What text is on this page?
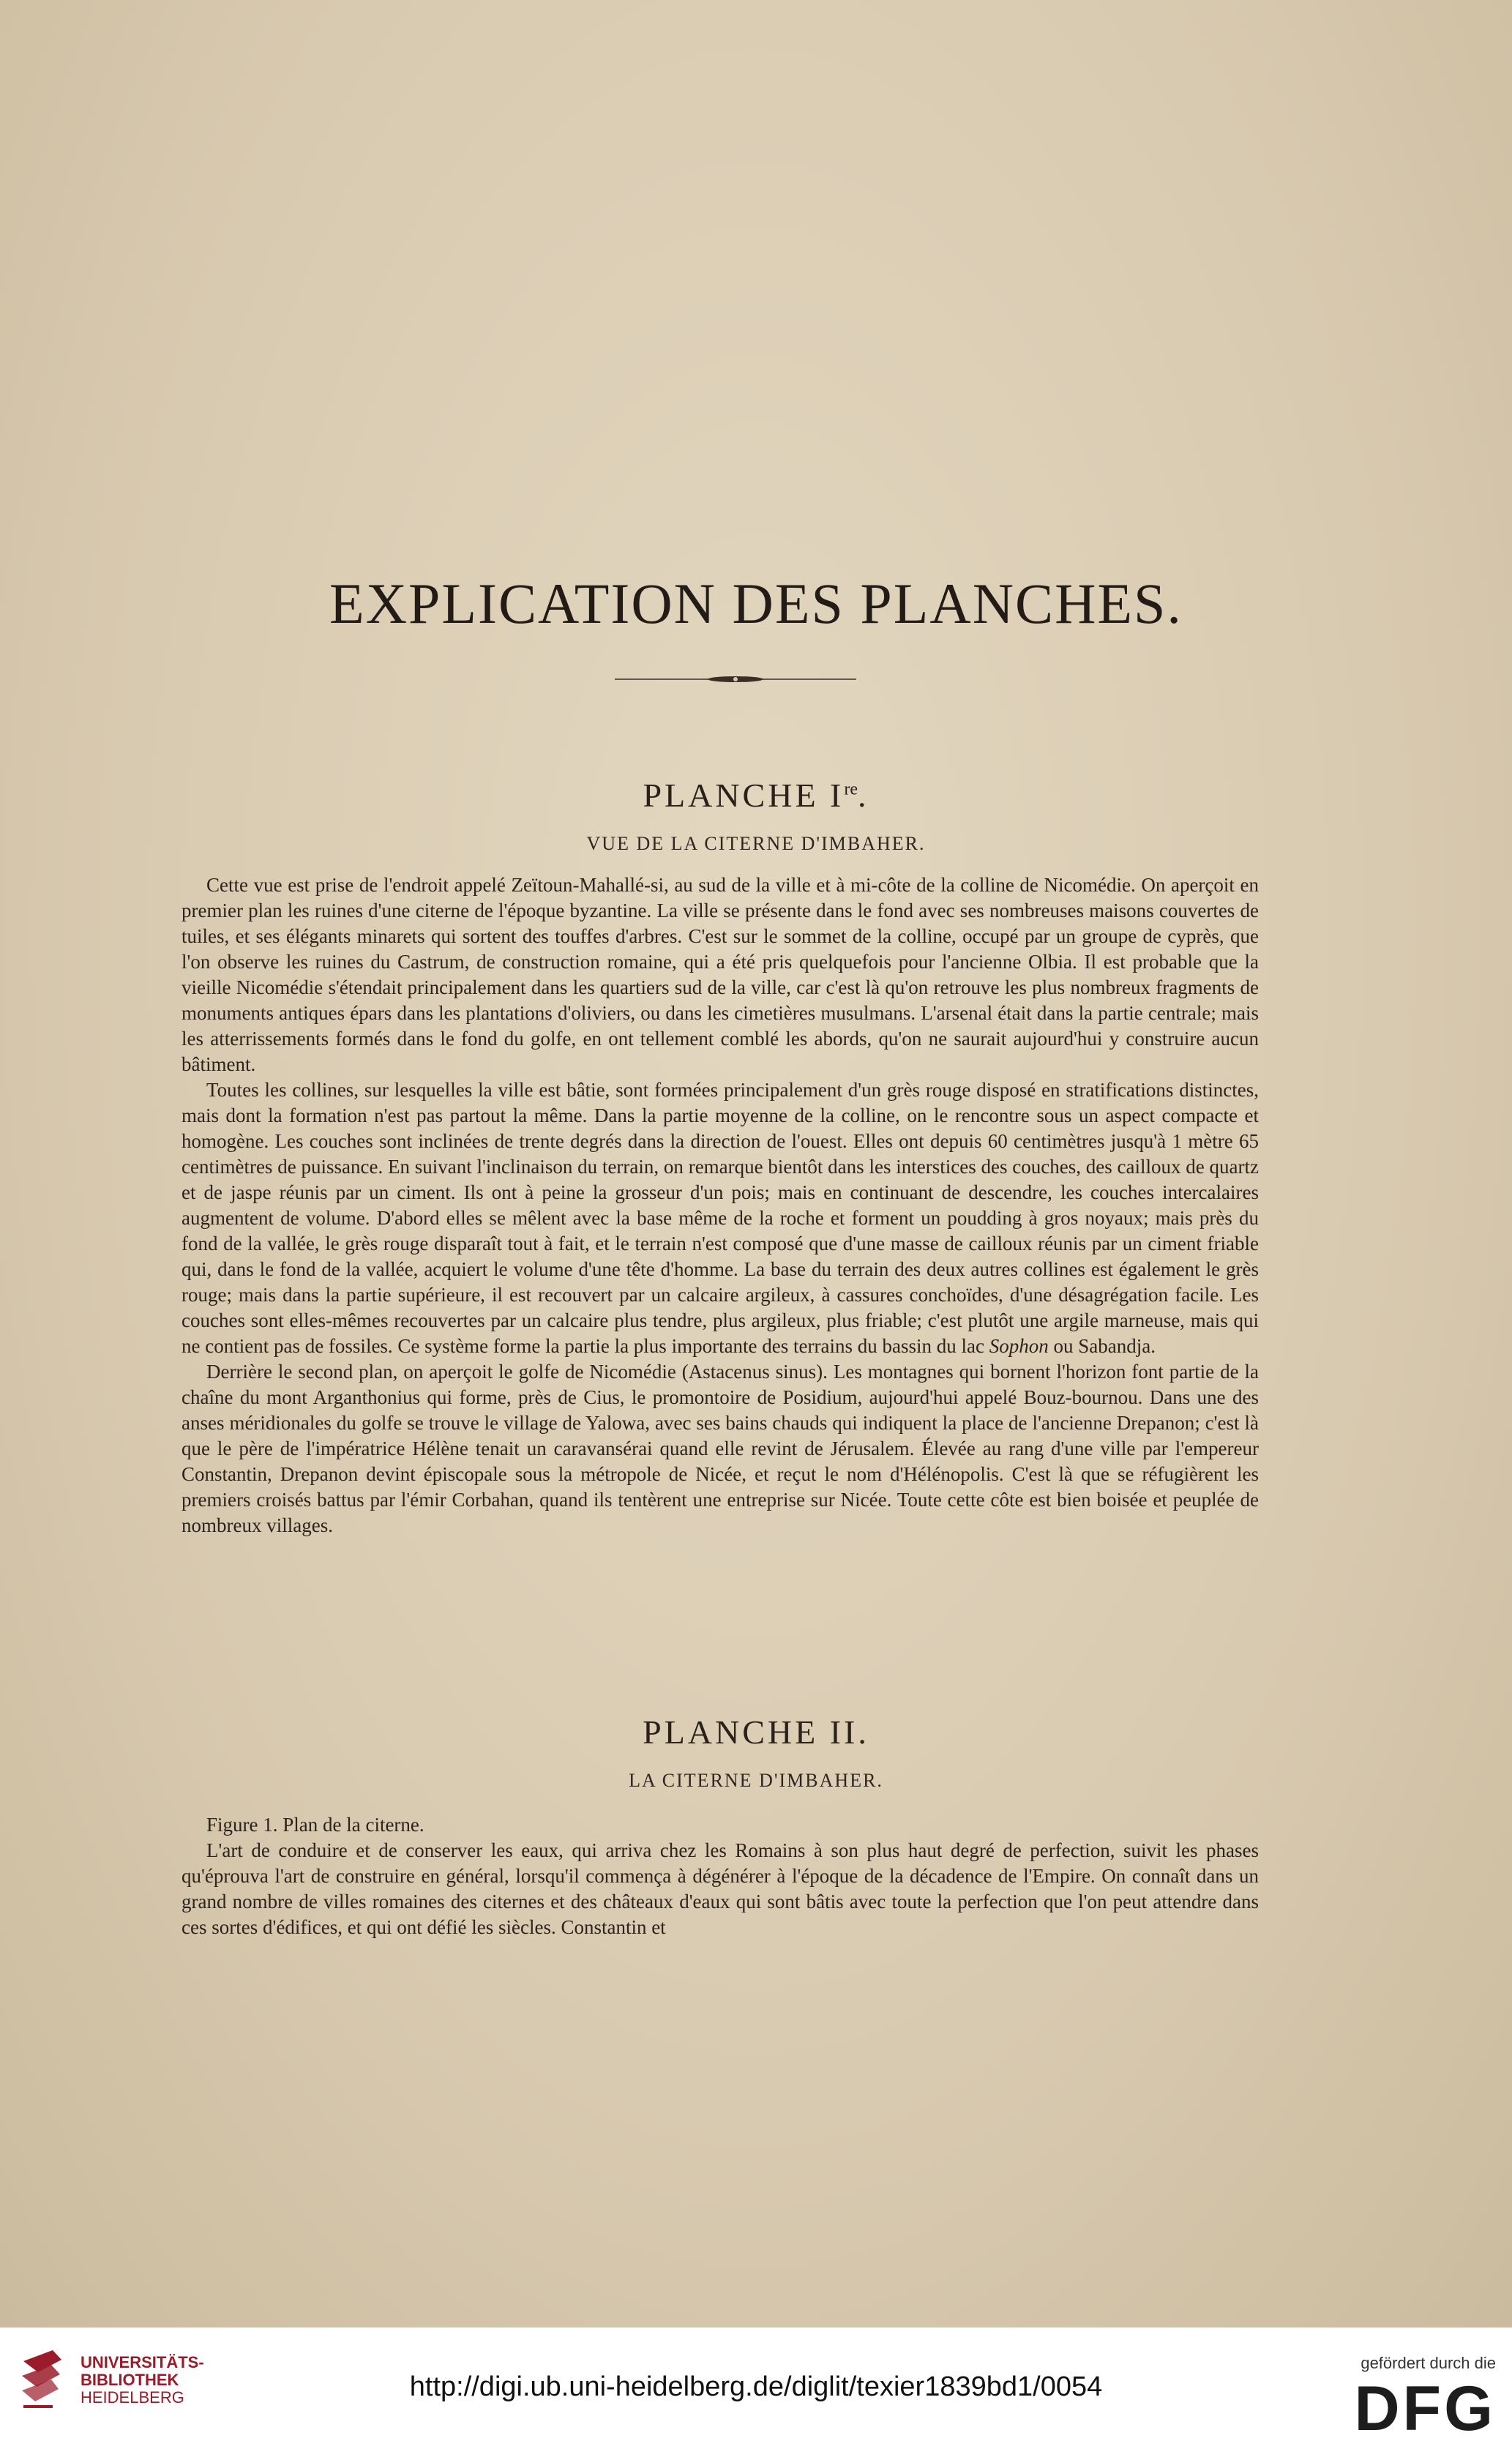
EXPLICATION DES PLANCHES.
PLANCHE Ire.
VUE DE LA CITERNE D'IMBAHER.

Cette vue est prise de l'endroit appelé Zeïtoun-Mahallé-si, au sud de la ville et à mi-côte de la colline de Nicomédie. On aperçoit en premier plan les ruines d'une citerne de l'époque byzantine. La ville se présente dans le fond avec ses nombreuses maisons couvertes de tuiles, et ses élégants minarets qui sortent des touffes d'arbres. C'est sur le sommet de la colline, occupé par un groupe de cyprès, que l'on observe les ruines du Castrum, de construction romaine, qui a été pris quelquefois pour l'ancienne Olbia. Il est probable que la vieille Nicomédie s'étendait principalement dans les quartiers sud de la ville, car c'est là qu'on retrouve les plus nombreux fragments de monuments antiques épars dans les plantations d'oliviers, ou dans les cimetières musulmans. L'arsenal était dans la partie centrale; mais les atterrissements formés dans le fond du golfe, en ont tellement comblé les abords, qu'on ne saurait aujourd'hui y construire aucun bâtiment.

Toutes les collines, sur lesquelles la ville est bâtie, sont formées principalement d'un grès rouge disposé en stratifications distinctes, mais dont la formation n'est pas partout la même. Dans la partie moyenne de la colline, on le rencontre sous un aspect compacte et homogène. Les couches sont inclinées de trente degrés dans la direction de l'ouest. Elles ont depuis 60 centimètres jusqu'à 1 mètre 65 centimètres de puissance. En suivant l'inclinaison du terrain, on remarque bientôt dans les interstices des couches, des cailloux de quartz et de jaspe réunis par un ciment. Ils ont à peine la grosseur d'un pois; mais en continuant de descendre, les couches intercalaires augmentent de volume. D'abord elles se mêlent avec la base même de la roche et forment un poudding à gros noyaux; mais près du fond de la vallée, le grès rouge disparaît tout à fait, et le terrain n'est composé que d'une masse de cailloux réunis par un ciment friable qui, dans le fond de la vallée, acquiert le volume d'une tête d'homme. La base du terrain des deux autres collines est également le grès rouge; mais dans la partie supérieure, il est recouvert par un calcaire argileux, à cassures conchoïdes, d'une désagrégation facile. Les couches sont elles-mêmes recouvertes par un calcaire plus tendre, plus argileux, plus friable; c'est plutôt une argile marneuse, mais qui ne contient pas de fossiles. Ce système forme la partie la plus importante des terrains du bassin du lac Sophon ou Sabandja.

Derrière le second plan, on aperçoit le golfe de Nicomédie (Astacenus sinus). Les montagnes qui bornent l'horizon font partie de la chaîne du mont Arganthonius qui forme, près de Cius, le promontoire de Posidium, aujourd'hui appelé Bouz-bournou. Dans une des anses méridionales du golfe se trouve le village de Yalowa, avec ses bains chauds qui indiquent la place de l'ancienne Drepanon; c'est là que le père de l'impératrice Hélène tenait un caravansérai quand elle revint de Jérusalem. Élevée au rang d'une ville par l'empereur Constantin, Drepanon devint épiscopale sous la métropole de Nicée, et reçut le nom d'Hélénopolis. C'est là que se réfugièrent les premiers croisés battus par l'émir Corbahan, quand ils tentèrent une entreprise sur Nicée. Toute cette côte est bien boisée et peuplée de nombreux villages.

PLANCHE II.
LA CITERNE D'IMBAHER.

Figure 1. Plan de la citerne.

L'art de conduire et de conserver les eaux, qui arriva chez les Romains à son plus haut degré de perfection, suivit les phases qu'éprouva l'art de construire en général, lorsqu'il commença à dégénérer à l'époque de la décadence de l'Empire. On connaît dans un grand nombre de villes romaines des citernes et des châteaux d'eaux qui sont bâtis avec toute la perfection que l'on peut attendre dans ces sortes d'édifices, et qui ont défié les siècles. Constantin et

UNIVERSITÄTS-
BIBLIOTHEK
HEIDELBERG	http://digi.ub.uni-heidelberg.de/diglit/texier1839bd1/0054
gefördert durch die
DFG
